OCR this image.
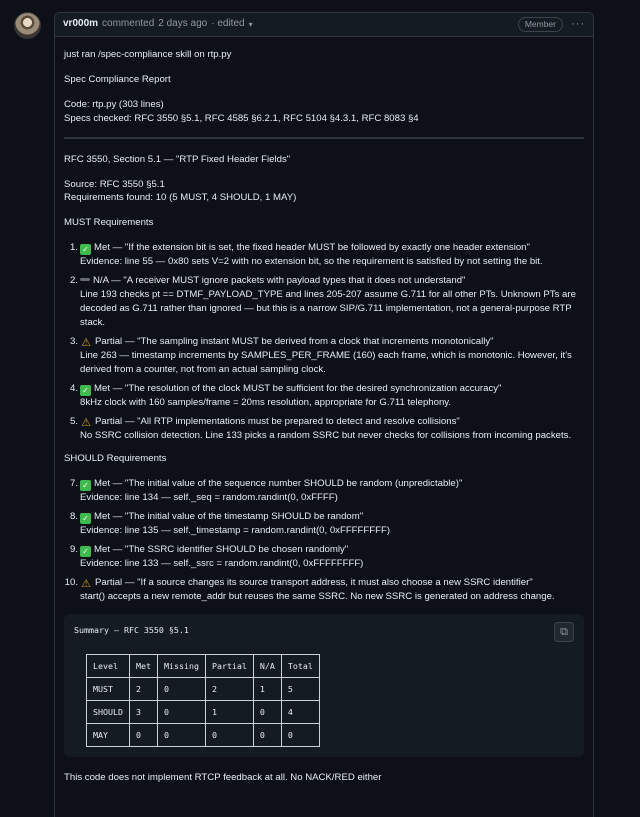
vr000m commented 2 days ago · edited ▾	Member	···

just ran /spec-compliance skill on rtp.py

Spec Compliance Report

Code: rtp.py (303 lines)
Specs checked: RFC 3550 §5.1, RFC 4585 §6.2.1, RFC 5104 §4.3.1, RFC 8083 §4

RFC 3550, Section 5.1 — "RTP Fixed Header Fields"

Source: RFC 3550 §5.1
Requirements found: 10 (5 MUST, 4 SHOULD, 1 MAY)

MUST Requirements

1. ✓ Met — "If the extension bit is set, the fixed header MUST be followed by exactly one header extension"
Evidence: line 55 — 0x80 sets V=2 with no extension bit, so the requirement is satisfied by not setting the bit.
2. N/A — "A receiver MUST ignore packets with payload types that it does not understand"
Line 193 checks pt == DTMF_PAYLOAD_TYPE and lines 205-207 assume G.711 for all other PTs. Unknown PTs are decoded as G.711 rather than ignored — but this is a narrow SIP/G.711 implementation, not a general-purpose RTP stack.
3. ⚠ Partial — "The sampling instant MUST be derived from a clock that increments monotonically"
Line 263 — timestamp increments by SAMPLES_PER_FRAME (160) each frame, which is monotonic. However, it's derived from a counter, not from an actual sampling clock.
4. ✓ Met — "The resolution of the clock MUST be sufficient for the desired synchronization accuracy"
8kHz clock with 160 samples/frame = 20ms resolution, appropriate for G.711 telephony.
5. ⚠ Partial — "All RTP implementations must be prepared to detect and resolve collisions"
No SSRC collision detection. Line 133 picks a random SSRC but never checks for collisions from incoming packets.

SHOULD Requirements

7. ✓ Met — "The initial value of the sequence number SHOULD be random (unpredictable)"
Evidence: line 134 — self._seq = random.randint(0, 0xFFFF)
8. ✓ Met — "The initial value of the timestamp SHOULD be random"
Evidence: line 135 — self._timestamp = random.randint(0, 0xFFFFFFFF)
9. ✓ Met — "The SSRC identifier SHOULD be chosen randomly"
Evidence: line 133 — self._ssrc = random.randint(0, 0xFFFFFFFF)
10. ⚠ Partial — "If a source changes its source transport address, it must also choose a new SSRC identifier"
start() accepts a new remote_addr but reuses the same SSRC. No new SSRC is generated on address change.
⧉
Summary — RFC 3550 §5.1
Level	Met	Missing	Partial	N/A	Total
MUST	2	0	2	1	5
SHOULD	3	0	1	0	4
MAY	0	0	0	0	0

This code does not implement RTCP feedback at all. No NACK/RED either
